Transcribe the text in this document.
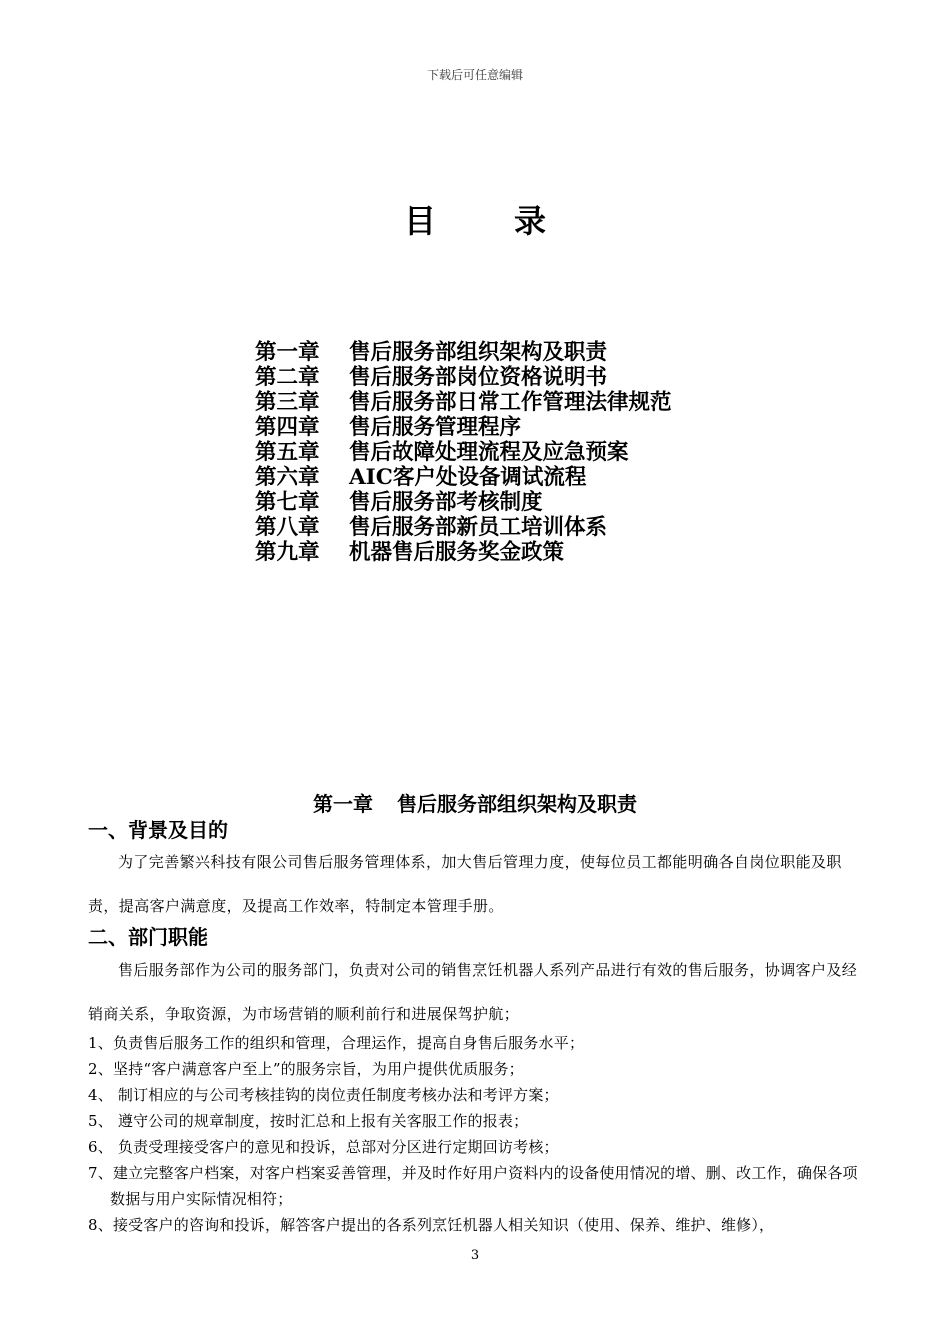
下载后可任意编辑
目 录
第一章 售后服务部组织架构及职责
第二章 售后服务部岗位资格说明书
第三章 售后服务部日常工作管理法律规范
第四章 售后服务管理程序
第五章 售后故障处理流程及应急预案
第六章 AIC客户处设备调试流程
第七章 售后服务部考核制度
第八章 售后服务部新员工培训体系
第九章 机器售后服务奖金政策
第一章 售后服务部组织架构及职责
一、背景及目的
为了完善繁兴科技有限公司售后服务管理体系，加大售后管理力度，使每位员工都能明确各自岗位职能及职责，提高客户满意度，及提高工作效率，特制定本管理手册。
二、部门职能
售后服务部作为公司的服务部门，负责对公司的销售烹饪机器人系列产品进行有效的售后服务，协调客户及经销商关系，争取资源，为市场营销的顺利前行和进展保驾护航；
1、负责售后服务工作的组织和管理，合理运作，提高自身售后服务水平；
2、坚持“客户满意客户至上”的服务宗旨，为用户提供优质服务；
4、 制订相应的与公司考核挂钩的岗位责任制度考核办法和考评方案；
5、 遵守公司的规章制度，按时汇总和上报有关客服工作的报表；
6、 负责受理接受客户的意见和投诉，总部对分区进行定期回访考核；
7、建立完整客户档案，对客户档案妥善管理，并及时作好用户资料内的设备使用情况的增、删、改工作，确保各项数据与用户实际情况相符；
8、接受客户的咨询和投诉，解答客户提出的各系列烹饪机器人相关知识（使用、保养、维护、维修），
3
